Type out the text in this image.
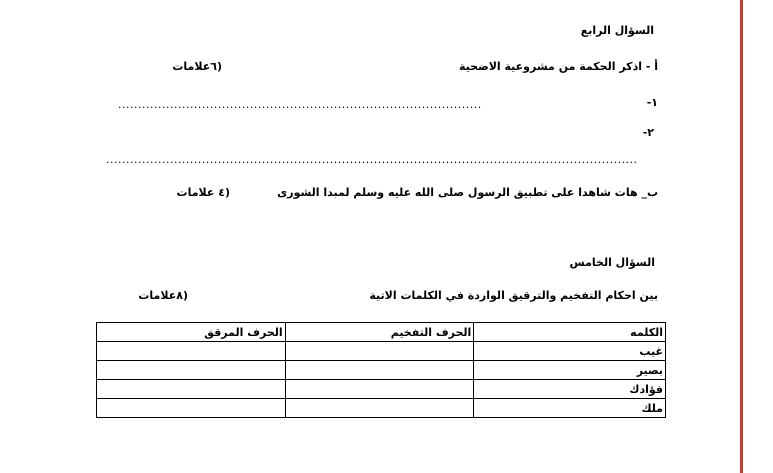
السؤال الرابع
أ - اذكر الحكمة من مشروعية الاضحية
(٦علامات
١-
...........................................................................................
٢-
.....................................................................................................................................
ب_ هات شاهدا على تطبيق الرسول صلى الله عليه وسلم لمبدا الشورى
(٤ علامات
السؤال الخامس
بين احكام التفخيم والترقيق الواردة في الكلمات الاتية
(٨علامات
الكلمه	الحرف التفخيم	الحرف المرقق
غيب		
بصير		
فؤادك		
ملك		
